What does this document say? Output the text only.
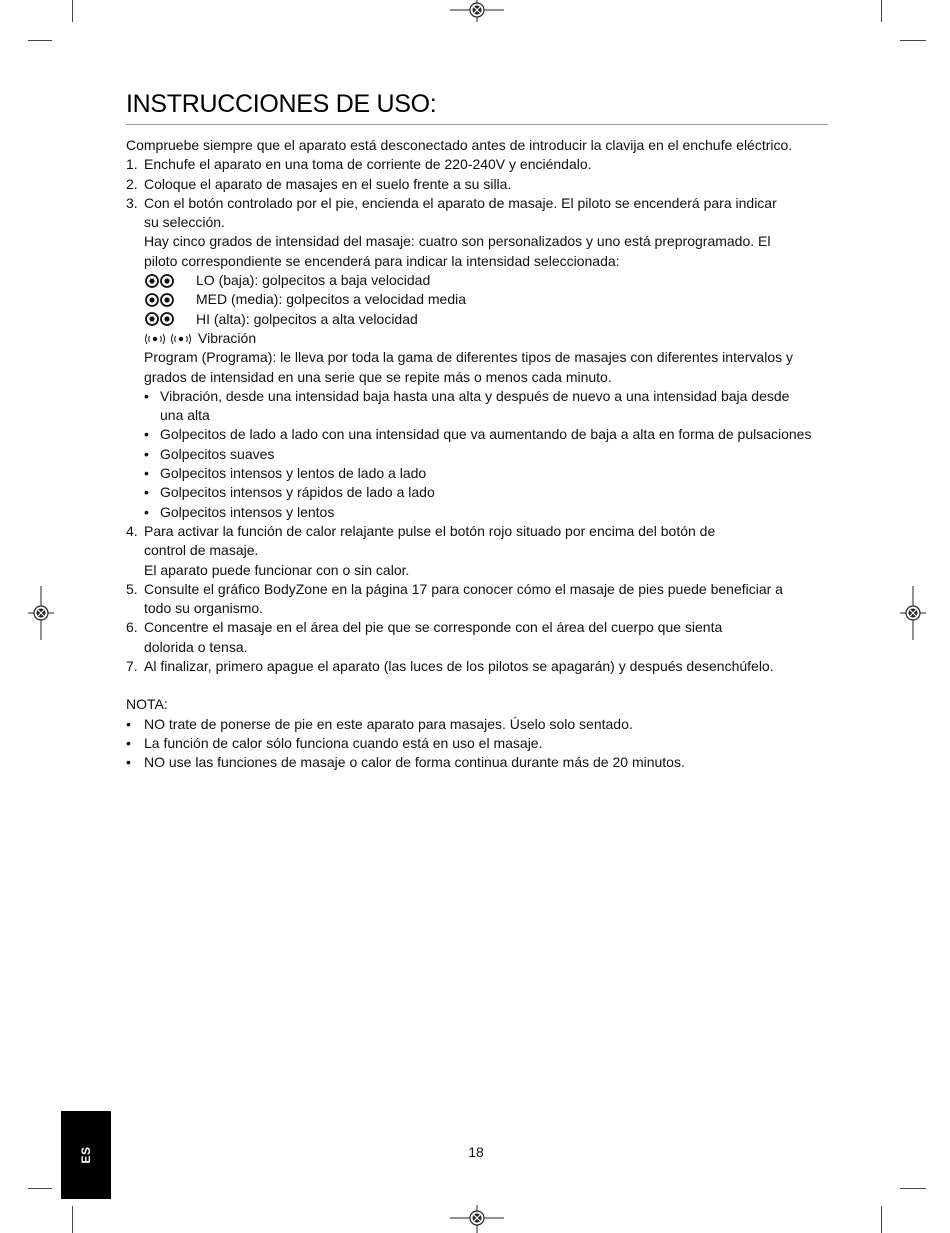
INSTRUCCIONES DE USO:

Compruebe siempre que el aparato está desconectado antes de introducir la clavija en el enchufe eléctrico.

1. Enchufe el aparato en una toma de corriente de 220-240V y enciéndalo.
2. Coloque el aparato de masajes en el suelo frente a su silla.
3. Con el botón controlado por el pie, encienda el aparato de masaje. El piloto se encenderá para indicar
su selección.
Hay cinco grados de intensidad del masaje: cuatro son personalizados y uno está preprogramado. El
piloto correspondiente se encenderá para indicar la intensidad seleccionada:
LO (baja): golpecitos a baja velocidad
MED (media): golpecitos a velocidad media
HI (alta): golpecitos a alta velocidad
Vibración
Program (Programa): le lleva por toda la gama de diferentes tipos de masajes con diferentes intervalos y
grados de intensidad en una serie que se repite más o menos cada minuto.
• Vibración, desde una intensidad baja hasta una alta y después de nuevo a una intensidad baja desde
una alta
• Golpecitos de lado a lado con una intensidad que va aumentando de baja a alta en forma de pulsaciones
• Golpecitos suaves
• Golpecitos intensos y lentos de lado a lado
• Golpecitos intensos y rápidos de lado a lado
• Golpecitos intensos y lentos
4. Para activar la función de calor relajante pulse el botón rojo situado por encima del botón de
control de masaje.
El aparato puede funcionar con o sin calor.
5. Consulte el gráfico BodyZone en la página 17 para conocer cómo el masaje de pies puede beneficiar a
todo su organismo.
6. Concentre el masaje en el área del pie que se corresponde con el área del cuerpo que sienta
dolorida o tensa.
7. Al finalizar, primero apague el aparato (las luces de los pilotos se apagarán) y después desenchúfelo.

NOTA:

• NO trate de ponerse de pie en este aparato para masajes. Úselo solo sentado.
• La función de calor sólo funciona cuando está en uso el masaje.
• NO use las funciones de masaje o calor de forma continua durante más de 20 minutos.
ES	18
